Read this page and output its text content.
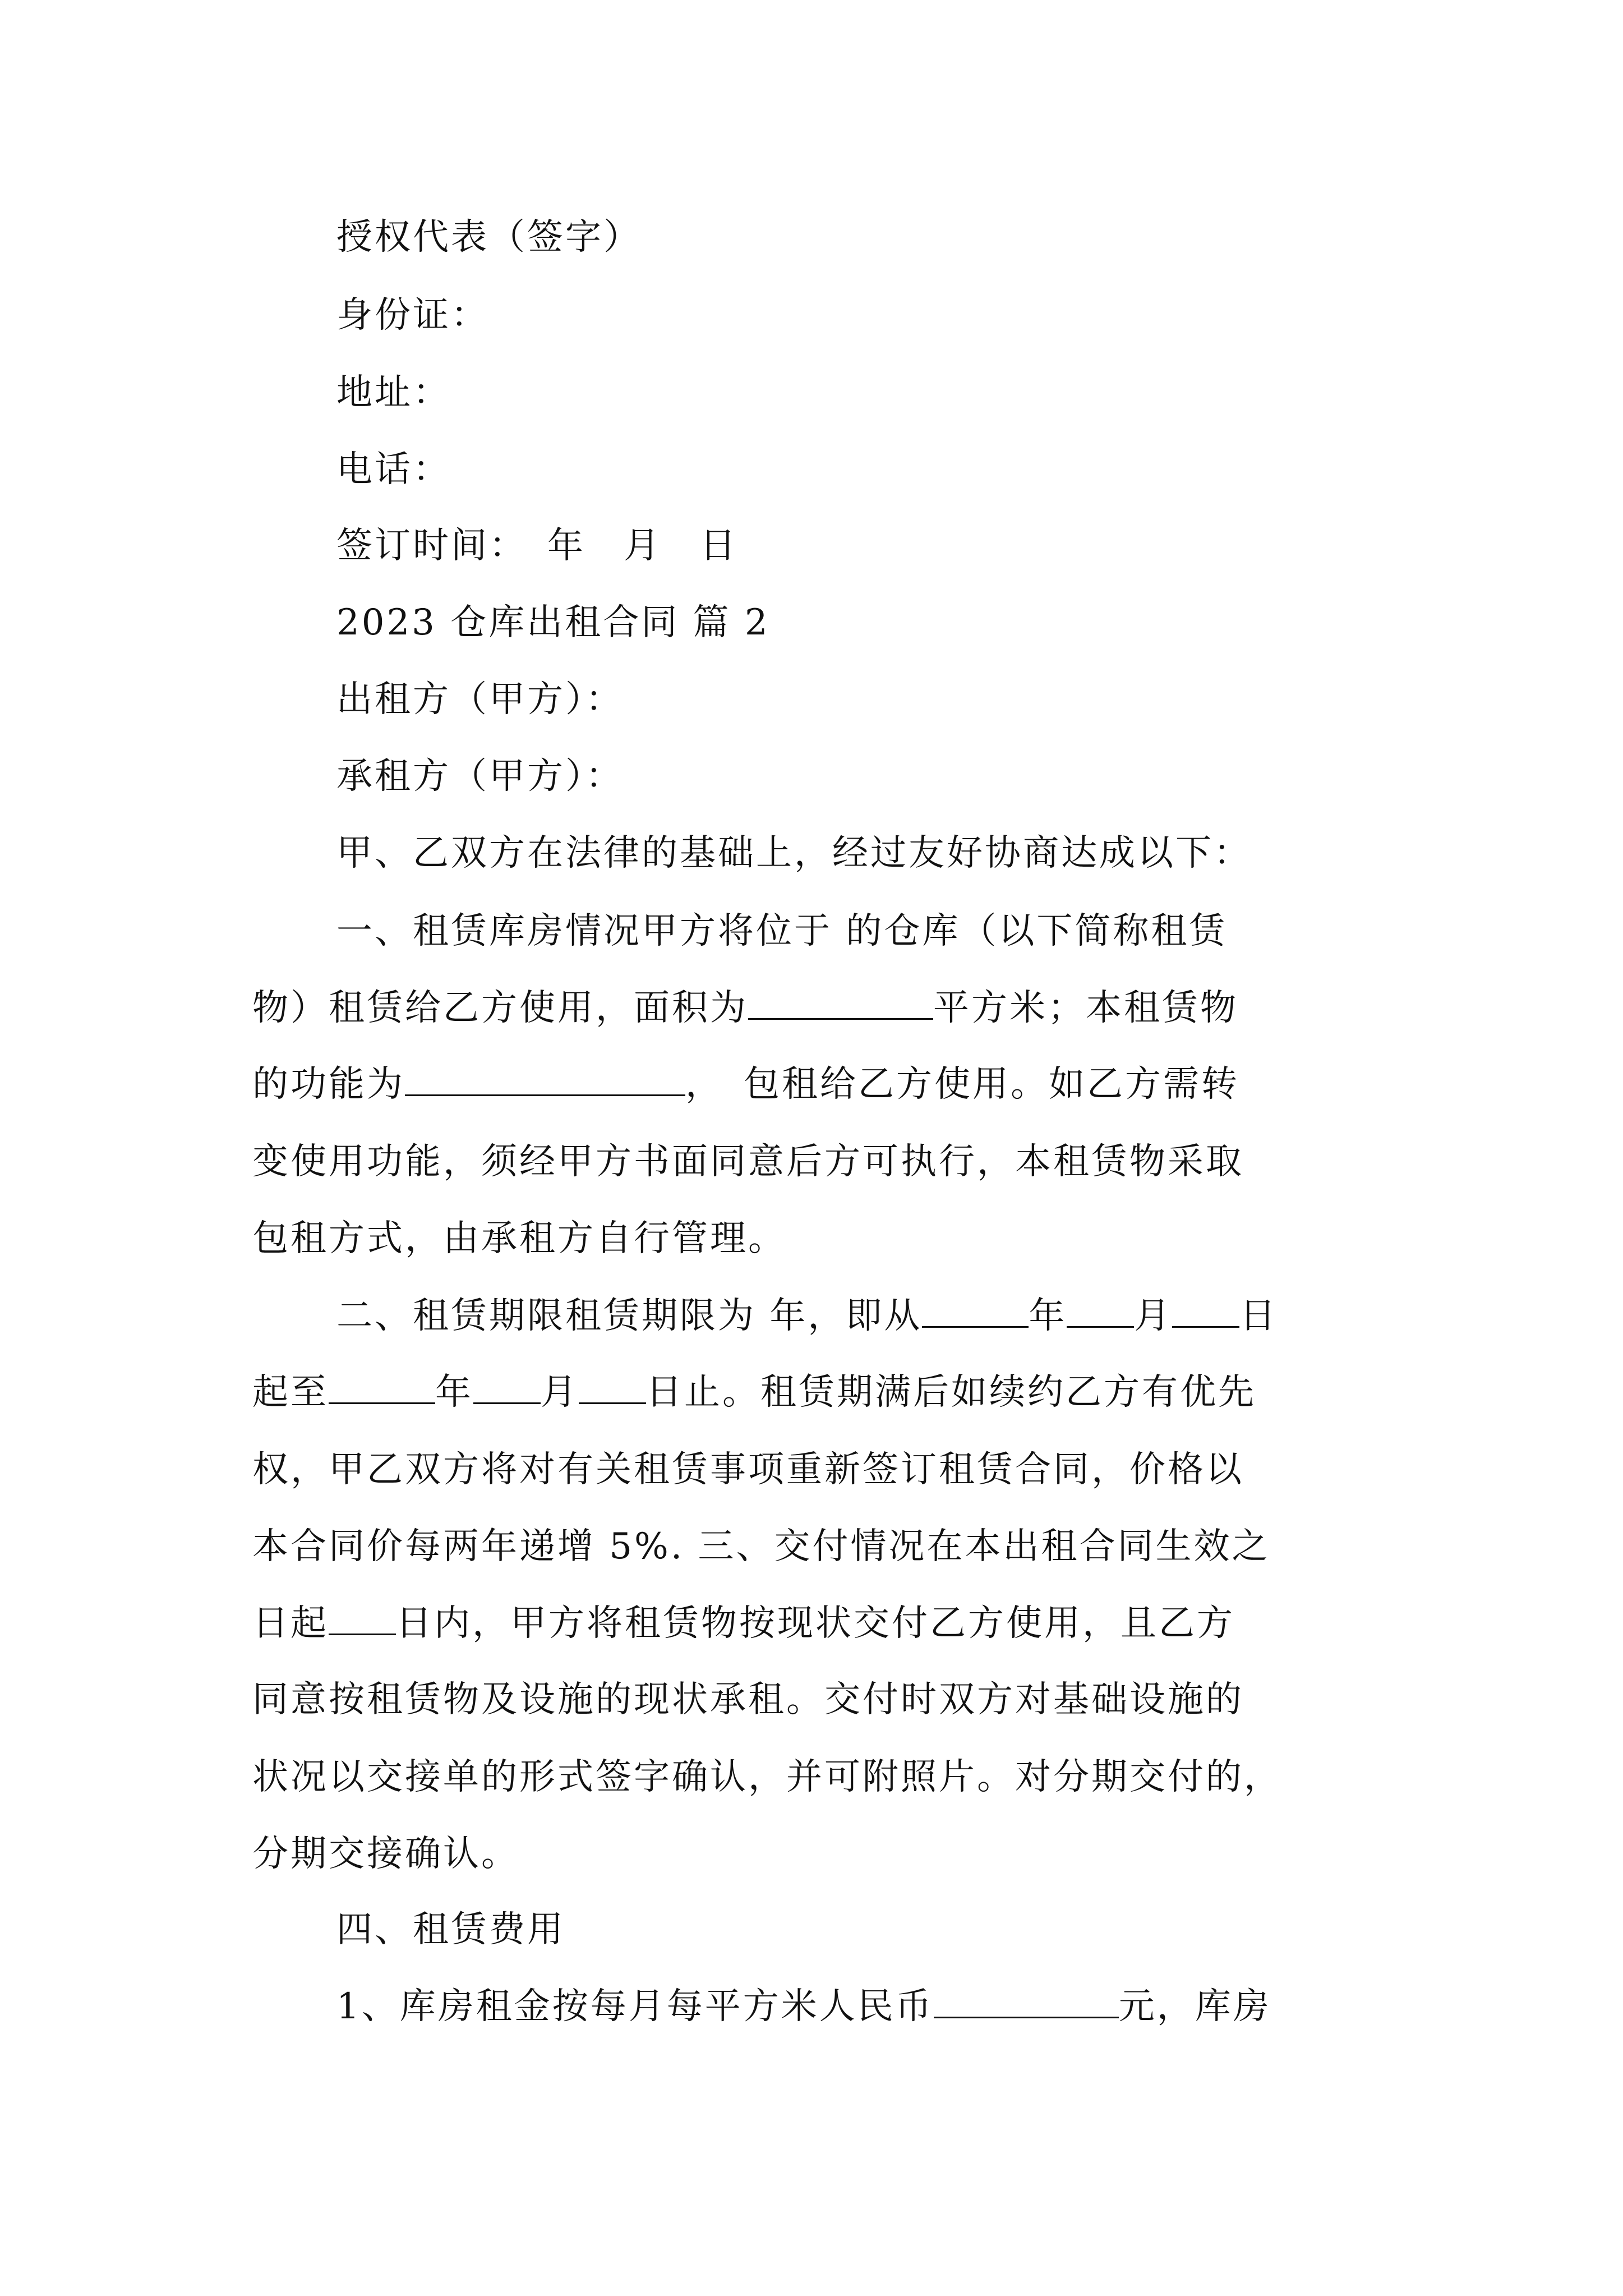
授权代表（签字）

身份证：

地址：

电话：

签订时间：　年　月　日

2023 仓库出租合同 篇 2

出租方（甲方）：

承租方（甲方）：

甲、乙双方在法律的基础上，经过友好协商达成以下：

一、租赁库房情况甲方将位于 的仓库（以下简称租赁

物）租赁给乙方使用，面积为	平方米；本租赁物

的功能为	，　包租给乙方使用。如乙方需转

变使用功能，须经甲方书面同意后方可执行，本租赁物采取

包租方式，由承租方自行管理。

二、租赁期限租赁期限为 年，即从	年 月 日

起至	年 月 日止。租赁期满后如续约乙方有优先

权，甲乙双方将对有关租赁事项重新签订租赁合同，价格以

本合同价每两年递增 5%. 三、交付情况在本出租合同生效之

日起 日内，甲方将租赁物按现状交付乙方使用，且乙方

同意按租赁物及设施的现状承租。交付时双方对基础设施的

状况以交接单的形式签字确认，并可附照片。对分期交付的，

分期交接确认。

四、租赁费用

1、库房租金按每月每平方米人民币	元，库房
